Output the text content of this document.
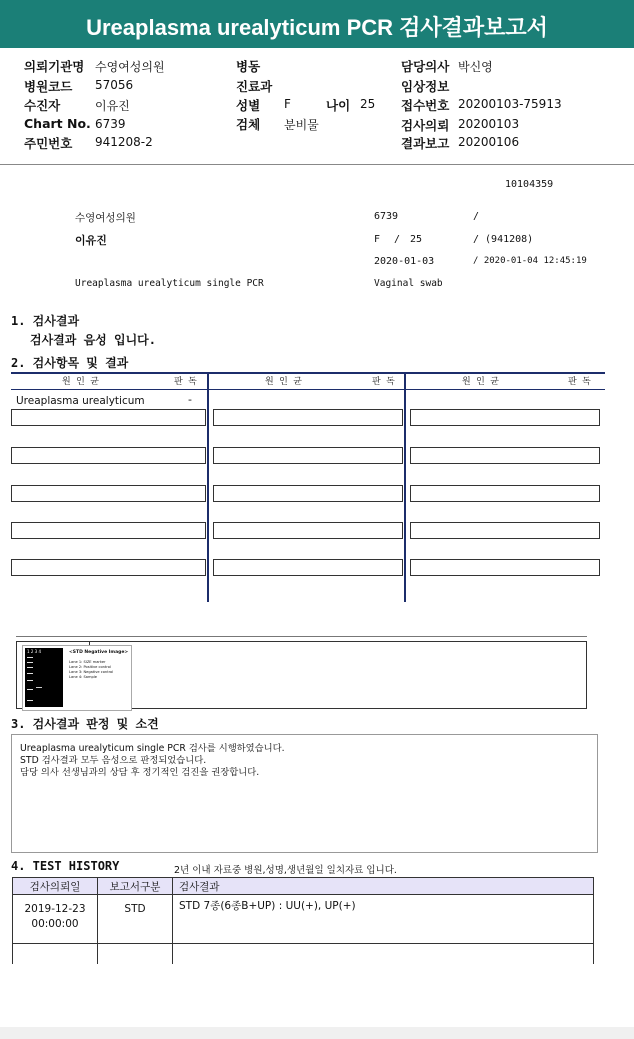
Ureaplasma urealyticum PCR 검사결과보고서
의뢰기관명 수영여성의원
병원코드 57056
수진자	이유진
Chart No. 6739
주민번호 941208-2
병동
진료과
성별 F	나이 25
검체 분비물
담당의사 박신영
임상정보
접수번호 20200103-75913
검사의뢰 20200103
결과보고 20200106
10104359
수영여성의원	6739	/
이유진	F / 25	/ (941208)
2020-01-03	/ 2020-01-04 12:45:19
Ureaplasma urealyticum single PCR	Vaginal swab
1. 검사결과
검사결과 음성 입니다.
2. 검사항목 및 결과
원 인 균	판 독	원 인 균	판 독	원 인 균	판 독
Ureaplasma urealyticum	-
1 2 3 4	<STD Negative Image>
Lane 1: SIZE marker
Lane 2: Positive control
Lane 3: Negative control
Lane 4: Sample
3. 검사결과 판정 및 소견
Ureaplasma urealyticum single PCR 검사를 시행하였습니다.
STD 검사결과 모두 음성으로 판정되었습니다.
담당 의사 선생님과의 상담 후 정기적인 검진을 권장합니다.
4. TEST HISTORY	2년 이내 자료중 병원,성명,생년월일 일치자료 입니다.
검사의뢰일	보고서구분	검사결과

2019-12-23
00:00:00	STD	STD 7종(6종B+UP) : UU(+), UP(+)
